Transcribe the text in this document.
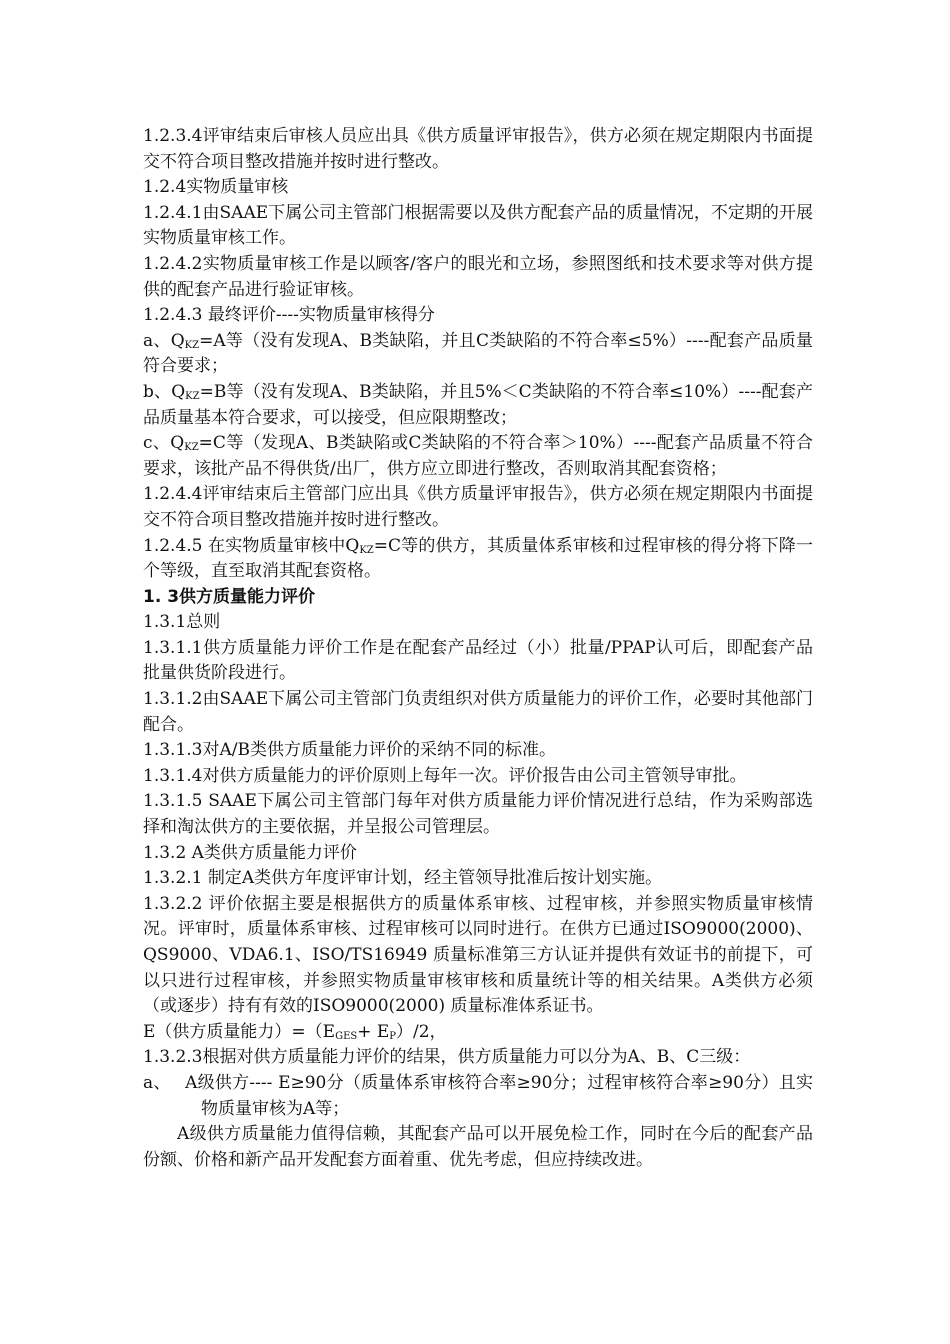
1.2.3.4评审结束后审核人员应出具《供方质量评审报告》，供方必须在规定期限内书面提交不符合项目整改措施并按时进行整改。

1.2.4实物质量审核

1.2.4.1由SAAE下属公司主管部门根据需要以及供方配套产品的质量情况，不定期的开展实物质量审核工作。

1.2.4.2实物质量审核工作是以顾客/客户的眼光和立场，参照图纸和技术要求等对供方提供的配套产品进行验证审核。

1.2.4.3 最终评价----实物质量审核得分

a、$Q_{KZ}=A$等（没有发现A、B类缺陷，并且C类缺陷的不符合率≤5%）----配套产品质量符合要求；

b、$Q_{KZ}=B$等（没有发现A、B类缺陷，并且5%＜C类缺陷的不符合率≤10%）----配套产品质量基本符合要求，可以接受，但应限期整改；

c、$Q_{KZ}=C$等（发现A、B类缺陷或C类缺陷的不符合率＞10%）----配套产品质量不符合要求，该批产品不得供货/出厂，供方应立即进行整改，否则取消其配套资格；

1.2.4.4评审结束后主管部门应出具《供方质量评审报告》，供方必须在规定期限内书面提交不符合项目整改措施并按时进行整改。

1.2.4.5 在实物质量审核中$Q_{KZ}=C$等的供方，其质量体系审核和过程审核的得分将下降一个等级，直至取消其配套资格。

1. 3供方质量能力评价

1.3.1总则

1.3.1.1供方质量能力评价工作是在配套产品经过（小）批量/PPAP认可后，即配套产品批量供货阶段进行。

1.3.1.2由SAAE下属公司主管部门负责组织对供方质量能力的评价工作，必要时其他部门配合。

1.3.1.3对A/B类供方质量能力评价的采纳不同的标准。

1.3.1.4对供方质量能力的评价原则上每年一次。评价报告由公司主管领导审批。

1.3.1.5 SAAE下属公司主管部门每年对供方质量能力评价情况进行总结，作为采购部选择和淘汰供方的主要依据，并呈报公司管理层。

1.3.2 A类供方质量能力评价

1.3.2.1 制定A类供方年度评审计划，经主管领导批准后按计划实施。

1.3.2.2 评价依据主要是根据供方的质量体系审核、过程审核，并参照实物质量审核情况。评审时，质量体系审核、过程审核可以同时进行。在供方已通过ISO9000(2000)、QS9000、VDA6.1、ISO/TS16949 质量标准第三方认证并提供有效证书的前提下，可以只进行过程审核，并参照实物质量审核审核和质量统计等的相关结果。A类供方必须（或逐步）持有有效的ISO9000(2000) 质量标准体系证书。

E（供方质量能力）$=(E_{GES}+ E_P)/2$，

1.3.2.3根据对供方质量能力评价的结果，供方质量能力可以分为A、B、C三级：

a、　 A级供方---- E≥90分（质量体系审核符合率≥90分；过程审核符合率≥90分）且实物质量审核为A等；

A级供方质量能力值得信赖，其配套产品可以开展免检工作，同时在今后的配套产品份额、价格和新产品开发配套方面着重、优先考虑，但应持续改进。
